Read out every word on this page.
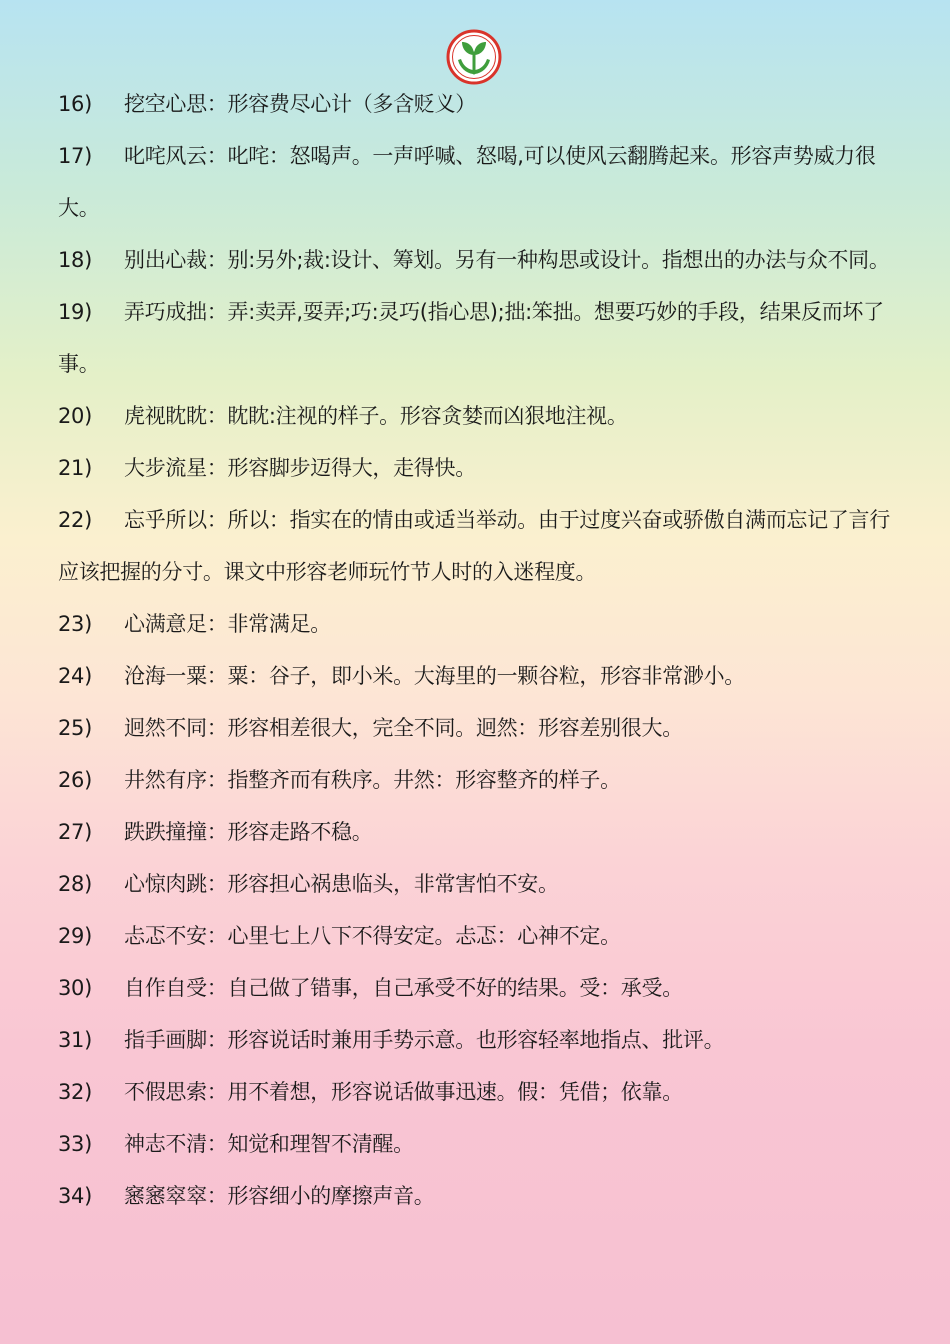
16)	挖空心思：形容费尽心计（多含贬义）
17)	叱咤风云：叱咤：怒喝声。一声呼喊、怒喝,可以使风云翻腾起来。形容声势威力很大。
18)	别出心裁：别:另外;裁:设计、筹划。另有一种构思或设计。指想出的办法与众不同。
19)	弄巧成拙：弄:卖弄,耍弄;巧:灵巧(指心思);拙:笨拙。想要巧妙的手段，结果反而坏了事。
20)	虎视眈眈：眈眈:注视的样子。形容贪婪而凶狠地注视。
21)	大步流星：形容脚步迈得大，走得快。
22)	忘乎所以：所以：指实在的情由或适当举动。由于过度兴奋或骄傲自满而忘记了言行应该把握的分寸。课文中形容老师玩竹节人时的入迷程度。
23)	心满意足：非常满足。
24)	沧海一粟：粟：谷子，即小米。大海里的一颗谷粒，形容非常渺小。
25)	迥然不同：形容相差很大，完全不同。迥然：形容差别很大。
26)	井然有序：指整齐而有秩序。井然：形容整齐的样子。
27)	跌跌撞撞：形容走路不稳。
28)	心惊肉跳：形容担心祸患临头，非常害怕不安。
29)	忐忑不安：心里七上八下不得安定。忐忑：心神不定。
30)	自作自受：自己做了错事，自己承受不好的结果。受：承受。
31)	指手画脚：形容说话时兼用手势示意。也形容轻率地指点、批评。
32)	不假思索：用不着想，形容说话做事迅速。假：凭借；依靠。
33)	神志不清：知觉和理智不清醒。
34)	窸窸窣窣：形容细小的摩擦声音。
